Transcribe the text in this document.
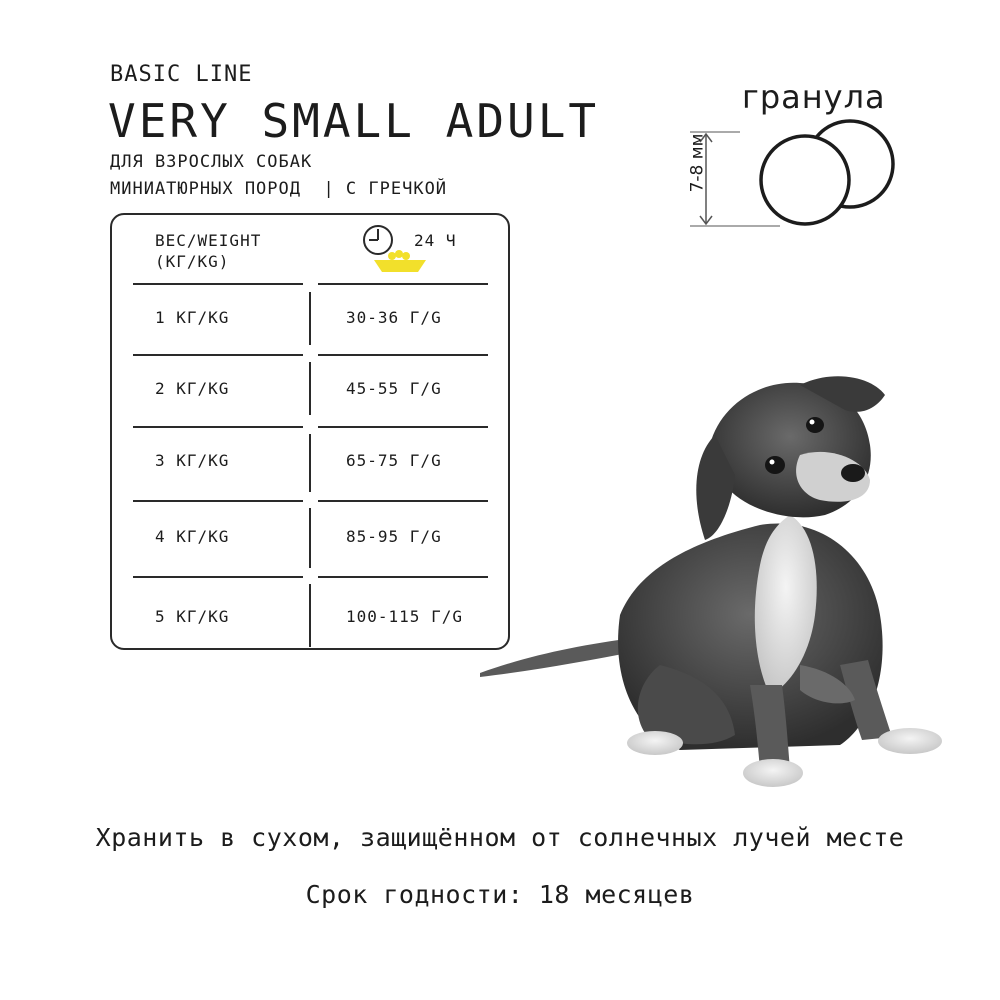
BASIC LINE
VERY SMALL ADULT
ДЛЯ ВЗРОСЛЫХ СОБАК
МИНИАТЮРНЫХ ПОРОД  | С ГРЕЧКОЙ
ВЕС/WEIGHT
(КГ/KG)
24 Ч
1 КГ/KG	30-36 Г/G
2 КГ/KG	45-55 Г/G
3 КГ/KG	65-75 Г/G
4 КГ/KG	85-95 Г/G
5 КГ/KG	100-115 Г/G
гранула
7-8 мм
Хранить в сухом, защищённом от солнечных лучей месте
Срок годности: 18 месяцев
